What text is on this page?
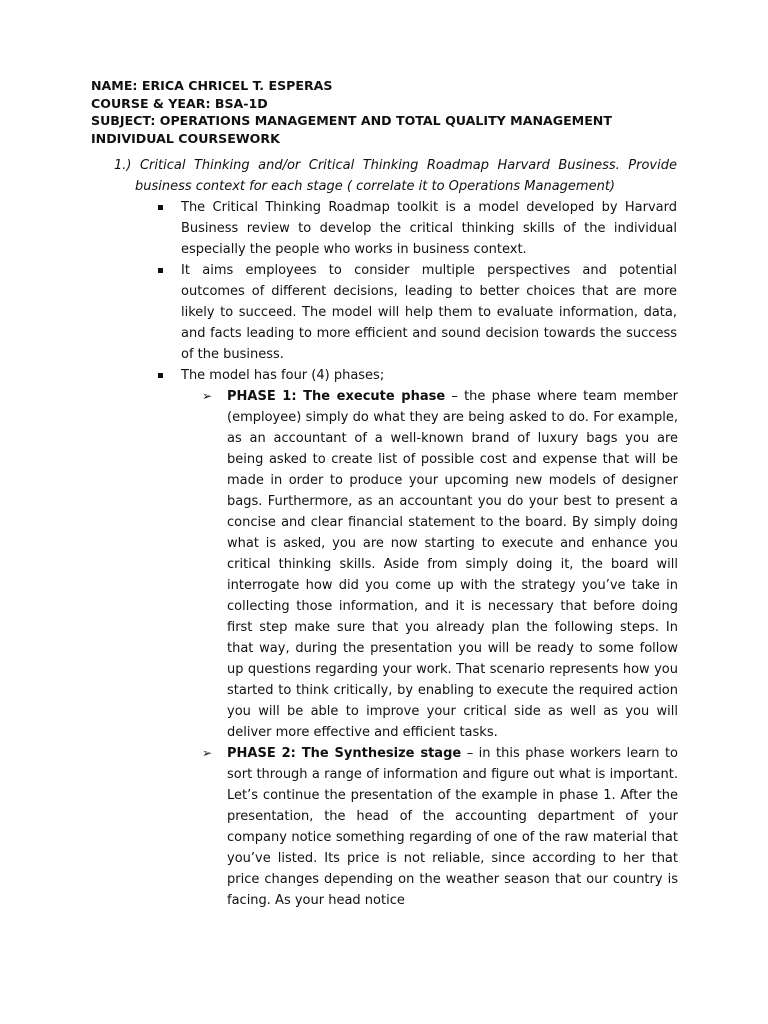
NAME: ERICA CHRICEL T. ESPERAS
COURSE & YEAR: BSA-1D
SUBJECT: OPERATIONS MANAGEMENT AND TOTAL QUALITY MANAGEMENT
INDIVIDUAL COURSEWORK
1.) Critical Thinking and/or Critical Thinking Roadmap Harvard Business. Provide
business context for each stage ( correlate it to Operations Management)
The Critical Thinking Roadmap toolkit is a model developed by Harvard Business review to develop the critical thinking skills of the individual especially the people who works in business context.
It aims employees to consider multiple perspectives and potential outcomes of different decisions, leading to better choices that are more likely to succeed. The model will help them to evaluate information, data, and facts leading to more efficient and sound decision towards the success of the business.
The model has four (4) phases;
➢ PHASE 1: The execute phase – the phase where team member (employee) simply do what they are being asked to do. For example, as an accountant of a well-known brand of luxury bags you are being asked to create list of possible cost and expense that will be made in order to produce your upcoming new models of designer bags. Furthermore, as an accountant you do your best to present a concise and clear financial statement to the board. By simply doing what is asked, you are now starting to execute and enhance you critical thinking skills. Aside from simply doing it, the board will interrogate how did you come up with the strategy you’ve take in collecting those information, and it is necessary that before doing first step make sure that you already plan the following steps. In that way, during the presentation you will be ready to some follow up questions regarding your work. That scenario represents how you started to think critically, by enabling to execute the required action you will be able to improve your critical side as well as you will deliver more effective and efficient tasks.
➢ PHASE 2: The Synthesize stage – in this phase workers learn to sort through a range of information and figure out what is important. Let’s continue the presentation of the example in phase 1. After the presentation, the head of the accounting department of your company notice something regarding of one of the raw material that you’ve listed. Its price is not reliable, since according to her that price changes depending on the weather season that our country is facing. As your head notice
